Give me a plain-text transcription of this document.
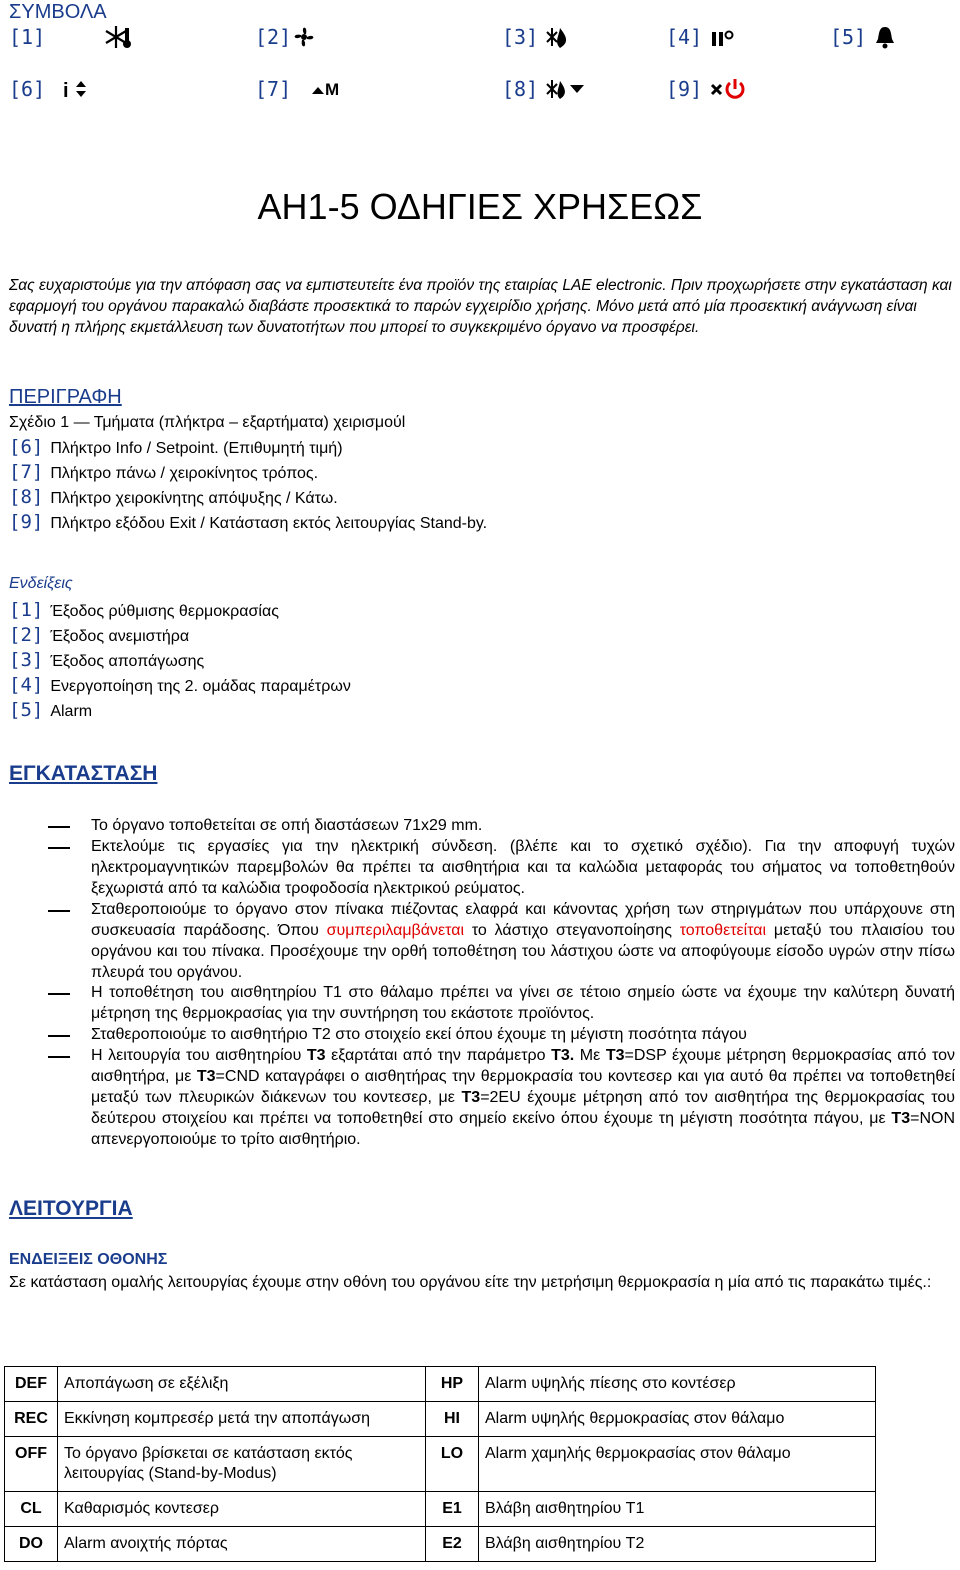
ΣΥΜΒΟΛΑ
[1]	[2]	[3]	[4]	[5]
[6] i	[7] M	[8]	[9]
AH1-5 ΟΔΗΓΙΕΣ ΧΡΗΣΕΩΣ
Σας ευχαριστούμε για την απόφαση σας να εμπιστευτείτε ένα προϊόν της εταιρίας LAE electronic. Πριν προχωρήσετε στην εγκατάσταση και εφαρμογή του οργάνου παρακαλώ διαβάστε προσεκτικά το παρών εγχειρίδιο χρήσης. Μόνο μετά από μία προσεκτική ανάγνωση είναι δυνατή η πλήρης εκμετάλλευση των δυνατοτήτων που μπορεί το συγκεκριμένο όργανο να προσφέρει.
ΠΕΡΙΓΡΑΦΗ
Σχέδιο 1 — Τμήματα (πλήκτρα – εξαρτήματα) χειρισμούl
[6] Πλήκτρο Info / Setpoint. (Επιθυμητή τιμή)
[7] Πλήκτρο πάνω / χειροκίνητος τρόπος.
[8] Πλήκτρο χειροκίνητης απόψυξης / Κάτω.
[9] Πλήκτρο εξόδου Exit / Κατάσταση εκτός λειτουργίας Stand-by.
Ενδείξεις
[1] Έξοδος ρύθμισης θερμοκρασίας
[2] Έξοδος ανεμιστήρα
[3] Έξοδος αποπάγωσης
[4] Ενεργοποίηση της 2. ομάδας παραμέτρων
[5] Alarm
ΕΓΚΑΤΑΣΤΑΣΗ
Το όργανο τοποθετείται σε οπή διαστάσεων 71x29 mm.
Εκτελούμε τις εργασίες για την ηλεκτρική σύνδεση. (βλέπε και το σχετικό σχέδιο). Για την αποφυγή τυχών ηλεκτρομαγνητικών παρεμβολών θα πρέπει τα αισθητήρια και τα καλώδια μεταφοράς του σήματος να τοποθετηθούν ξεχωριστά από τα καλώδια τροφοδοσία ηλεκτρικού ρεύματος.
Σταθεροποιούμε το όργανο στον πίνακα πιέζοντας ελαφρά και κάνοντας χρήση των στηριγμάτων που υπάρχουνε στη συσκευασία παράδοσης. Όπου συμπεριλαμβάνεται το λάστιχο στεγανοποίησης τοποθετείται μεταξύ του πλαισίου του οργάνου και του πίνακα. Προσέχουμε την ορθή τοποθέτηση του λάστιχου ώστε να αποφύγουμε είσοδο υγρών στην πίσω πλευρά του οργάνου.
Η τοποθέτηση του αισθητηρίου T1 στο θάλαμο πρέπει να γίνει σε τέτοιο σημείο ώστε να έχουμε την καλύτερη δυνατή μέτρηση της θερμοκρασίας για την συντήρηση του εκάστοτε προϊόντος.
Σταθεροποιούμε το αισθητήριο T2 στο στοιχείο εκεί όπου έχουμε τη μέγιστη ποσότητα πάγου
Η λειτουργία του αισθητηρίου T3 εξαρτάται από την παράμετρο T3. Με T3=DSP έχουμε μέτρηση θερμοκρασίας από τον αισθητήρα, με T3=CND καταγράφει ο αισθητήρας την θερμοκρασία του κοντεσερ και για αυτό θα πρέπει να τοποθετηθεί μεταξύ των πλευρικών διάκενων του κοντεσερ, με T3=2EU έχουμε μέτρηση από τον αισθητήρα της θερμοκρασίας του δεύτερου στοιχείου και πρέπει να τοποθετηθεί στο σημείο εκείνο όπου έχουμε τη μέγιστη ποσότητα πάγου, με T3=NON απενεργοποιούμε το τρίτο αισθητήριο.
ΛΕΙΤΟΥΡΓΙΑ
ΕΝΔΕΙΞΕΙΣ ΟΘΟΝΗΣ
Σε κατάσταση ομαλής λειτουργίας έχουμε στην οθόνη του οργάνου είτε την μετρήσιμη θερμοκρασία η μία από τις παρακάτω τιμές.:
DEF	Αποπάγωση σε εξέλιξη	HP	Alarm υψηλής πίεσης στο κοντέσερ
REC	Εκκίνηση κομπρεσέρ μετά την αποπάγωση	HI	Alarm υψηλής θερμοκρασίας στον θάλαμο
OFF	Το όργανο βρίσκεται σε κατάσταση εκτός λειτουργίας (Stand-by-Modus)	LO	Alarm χαμηλής θερμοκρασίας στον θάλαμο
CL	Καθαρισμός κοντεσερ	E1	Βλάβη αισθητηρίου T1
DO	Alarm ανοιχτής πόρτας	E2	Βλάβη αισθητηρίου T2
